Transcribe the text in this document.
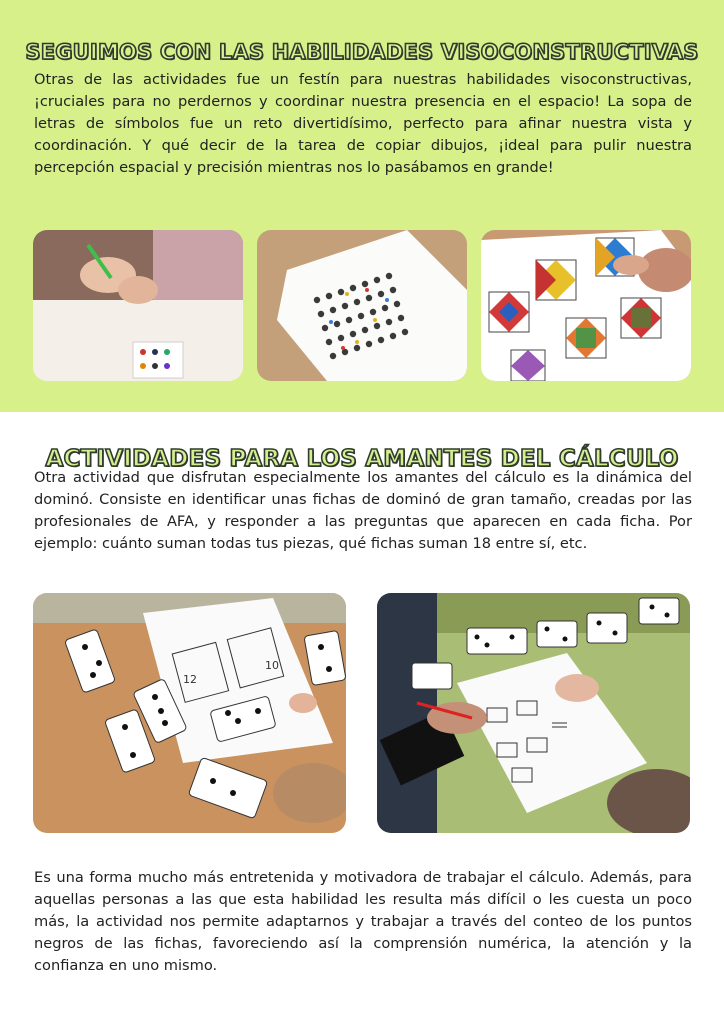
SEGUIMOS CON LAS HABILIDADES VISOCONSTRUCTIVAS

Otras de las actividades fue un festín para nuestras habilidades visoconstructivas, ¡cruciales para no perdernos y coordinar nuestra presencia en el espacio! La sopa de letras de símbolos fue un reto divertidísimo, perfecto para afinar nuestra vista y coordinación. Y qué decir de la tarea de copiar dibujos, ¡ideal para pulir nuestra percepción espacial y precisión mientras nos lo pasábamos en grande!

ACTIVIDADES PARA LOS AMANTES DEL CÁLCULO

Otra actividad que disfrutan especialmente los amantes del cálculo es la dinámica del dominó. Consiste en identificar unas fichas de dominó de gran tamaño, creadas por las profesionales de AFA, y responder a las preguntas que aparecen en cada ficha. Por ejemplo: cuánto suman todas tus piezas, qué fichas suman 18 entre sí, etc.

12
10

Es una forma mucho más entretenida y motivadora de trabajar el cálculo. Además, para aquellas personas a las que esta habilidad les resulta más difícil o les cuesta un poco más, la actividad nos permite adaptarnos y trabajar a través del conteo de los puntos negros de las fichas, favoreciendo así la comprensión numérica, la atención y la confianza en uno mismo.
